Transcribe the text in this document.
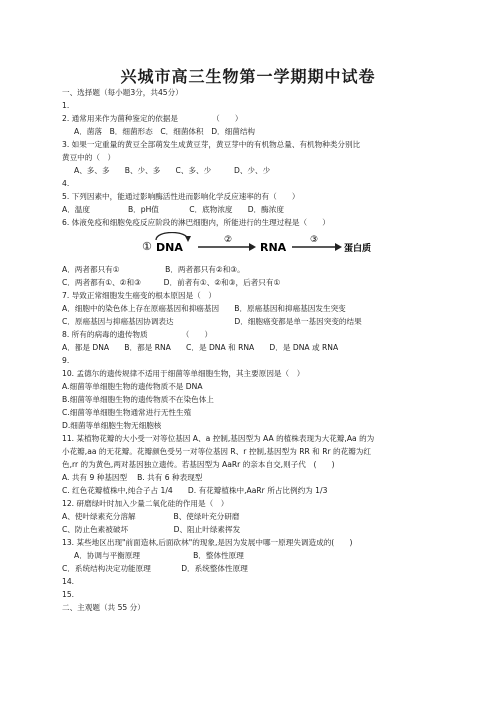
兴城市高三生物第一学期期中试卷
一、选择题（每小题3分，共45分）
1.
2. 通常用来作为菌种鉴定的依据是　　　　　（　　）
A．菌落　B．细菌形态　C．细菌体积　D．细菌结构
3. 如果一定重量的黄豆全部萌发生成黄豆芽，黄豆芽中的有机物总量、有机物种类分别比
黄豆中的（　）
A、多、多　　B、少、多　　C、多、少　　　D、少、少
4.
5. 下列因素中，能通过影响酶活性进而影响化学反应速率的有（　　）
A．温度　　　　　B．pH值　　　　C．底物浓度　　D．酶浓度
6. 体液免疫和细胞免疫反应阶段的淋巴细胞内，所能进行的生理过程是（　　）
① DNA
②
RNA
③
蛋白质
A．两者都只有①　　　　　　B．两者都只有②和③。
C．两者都有①、②和③　　　D．前者有①、②和③，后者只有①
7. 导致正常细胞发生癌变的根本原因是（　）
A．细胞中的染色体上存在原癌基因和抑癌基因　　B．原癌基因和抑癌基因发生突变
C．原癌基因与抑癌基因协调表达　　　　　　　　D．细胞癌变都是单一基因突变的结果
8. 所有的病毒的遗传物质　　　　　（　　）
A．都是 DNA　　B．都是 RNA　　C．是 DNA 和 RNA　　D．是 DNA 或 RNA
9.
10. 孟德尔的遗传规律不适用于细菌等单细胞生物，其主要原因是（　）
A.细菌等单细胞生物的遗传物质不是 DNA
B.细菌等单细胞生物的遗传物质不在染色体上
C.细菌等单细胞生物通常进行无性生殖
D.细菌等单细胞生物无细胞核
11. 某植物花瓣的大小受一对等位基因 A、a 控制,基因型为 AA 的植株表现为大花瓣,Aa 的为
小花瓣,aa 的无花瓣。花瓣颜色受另一对等位基因 R、r 控制,基因型为 RR 和 Rr 的花瓣为红
色,rr 的为黄色,两对基因独立遗传。若基因型为 AaRr 的亲本自交,则子代　(　　)
A. 共有 9 种基因型　 B. 共有 6 种表现型
C. 红色花瓣植株中,纯合子占 1/4　　D. 有花瓣植株中,AaRr 所占比例约为 1/3
12. 研磨绿叶时加入少量二氧化硅的作用是（　）
A、使叶绿素充分溶解　　　　　B、使绿叶充分研磨
C、防止色素被破坏　　　　　　D、阻止叶绿素挥发
13. 某些地区出现"前面造林,后面砍林"的现象,是因为发展中哪一原理失调造成的(　　)
A．协调与平衡原理　　　　　　　B．整体性原理
C．系统结构决定功能原理　　　　D．系统整体性原理
14.
15.
二、主观题（共 55 分）
